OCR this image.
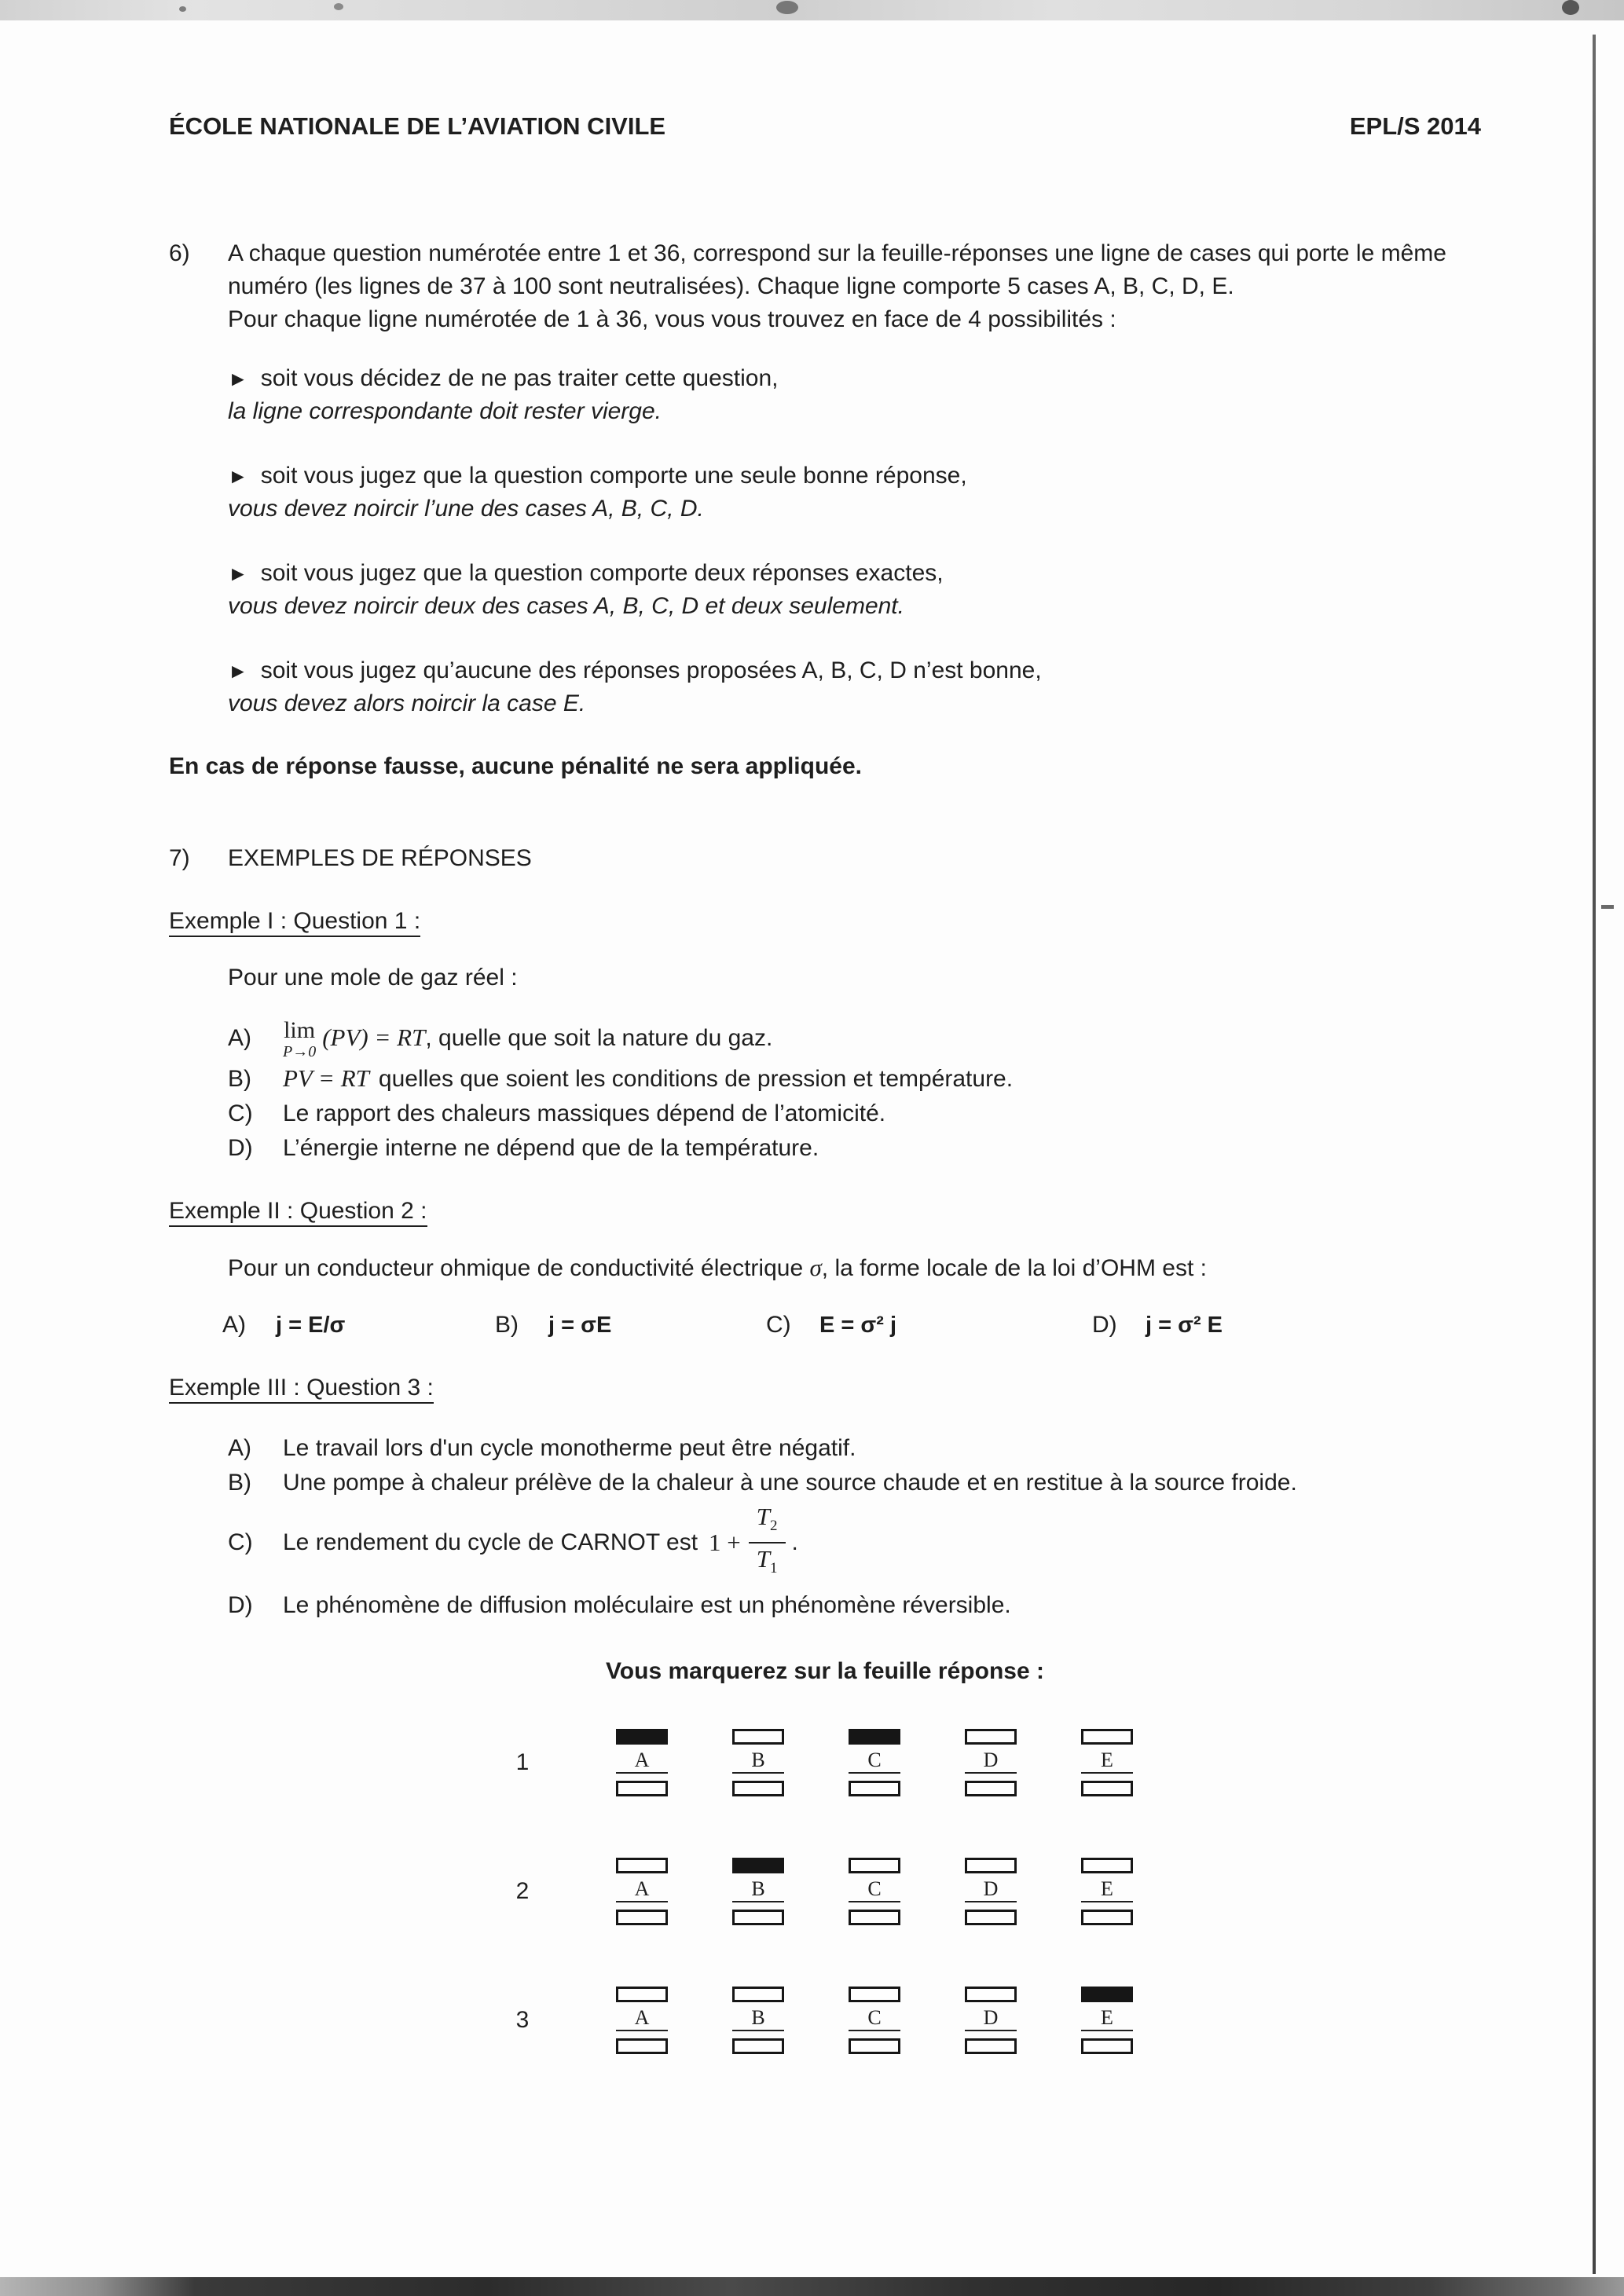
ÉCOLE NATIONALE DE L’AVIATION CIVILE	EPL/S 2014
6)	A chaque question numérotée entre 1 et 36, correspond sur la feuille-réponses une ligne de cases qui porte le même numéro (les lignes de 37 à 100 sont neutralisées). Chaque ligne comporte 5 cases A, B, C, D, E.

Pour chaque ligne numérotée de 1 à 36, vous vous trouvez en face de 4 possibilités :

► soit vous décidez de ne pas traiter cette question,

la ligne correspondante doit rester vierge.

► soit vous jugez que la question comporte une seule bonne réponse,

vous devez noircir l’une des cases A, B, C, D.

► soit vous jugez que la question comporte deux réponses exactes,

vous devez noircir deux des cases A, B, C, D et deux seulement.

► soit vous jugez qu’aucune des réponses proposées A, B, C, D n’est bonne,

vous devez alors noircir la case E.

En cas de réponse fausse, aucune pénalité ne sera appliquée.

7)	EXEMPLES DE RÉPONSES

Exemple I : Question 1 :

Pour une mole de gaz réel :

A)	lim
P→0
(PV) = RT, quelle que soit la nature du gaz.
B)	PV = RT quelles que soient les conditions de pression et température.
C)	Le rapport des chaleurs massiques dépend de l’atomicité.
D)	L’énergie interne ne dépend que de la température.

Exemple II : Question 2 :

Pour un conducteur ohmique de conductivité électrique σ, la forme locale de la loi d’OHM est :

A)	j = E/σ	B)	j = σE	C)	E = σ² j	D)	j = σ² E

Exemple III : Question 3 :

A)	Le travail lors d'un cycle monotherme peut être négatif.
B)	Une pompe à chaleur prélève de la chaleur à une source chaude et en restitue à la source froide.
C)	Le rendement du cycle de CARNOT est $1 + \frac{T_2}{T_1}$ .
D)	Le phénomène de diffusion moléculaire est un phénomène réversible.

Vous marquerez sur la feuille réponse :

1	A	B	C	D	E
2	A	B	C	D	E
3	A	B	C	D	E
